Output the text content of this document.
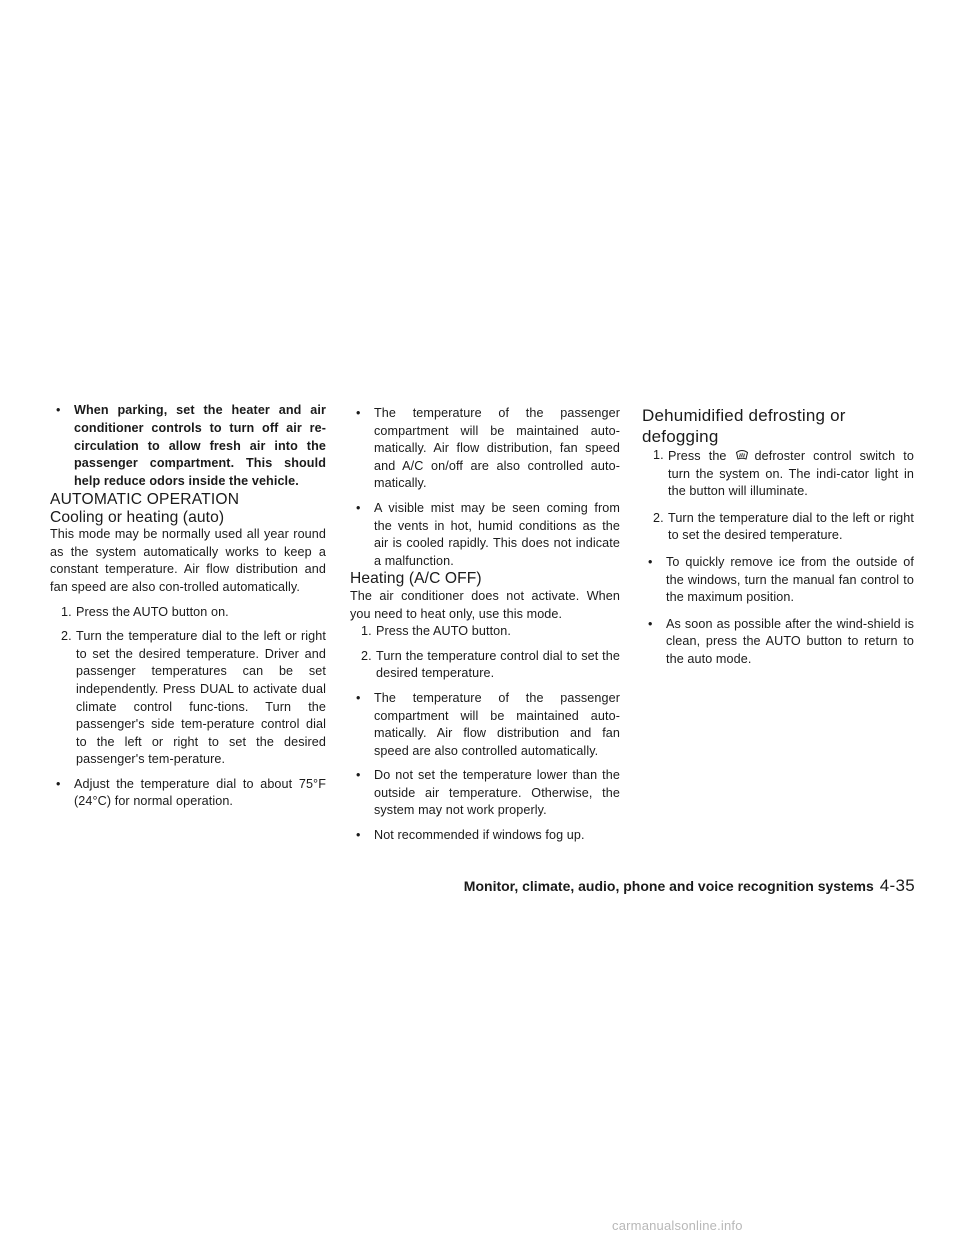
•	When parking, set the heater and air conditioner controls to turn off air re-circulation to allow fresh air into the passenger compartment. This should help reduce odors inside the vehicle.

AUTOMATIC OPERATION

Cooling or heating (auto)

This mode may be normally used all year round as the system automatically works to keep a constant temperature. Air flow distribution and fan speed are also con-trolled automatically.

1. Press the AUTO button on.
2. Turn the temperature dial to the left or right to set the desired temperature. Driver and passenger temperatures can be set independently. Press DUAL to activate dual climate control func-tions. Turn the passenger's side tem-perature control dial to the left or right to set the desired passenger's tem-perature.
•	Adjust the temperature dial to about 75°F (24°C) for normal operation.
•	The temperature of the passenger compartment will be maintained auto-matically. Air flow distribution, fan speed and A/C on/off are also controlled auto-matically.
•	A visible mist may be seen coming from the vents in hot, humid conditions as the air is cooled rapidly. This does not indicate a malfunction.

Heating (A/C OFF)

The air conditioner does not activate. When you need to heat only, use this mode.

1. Press the AUTO button.
2. Turn the temperature control dial to set the desired temperature.
•	The temperature of the passenger compartment will be maintained auto-matically. Air flow distribution and fan speed are also controlled automatically.
•	Do not set the temperature lower than the outside air temperature. Otherwise, the system may not work properly.
•	Not recommended if windows fog up.

Dehumidified defrosting or defogging

1. Press the defroster control switch to turn the system on. The indi-cator light in the button will illuminate.
2. Turn the temperature dial to the left or right to set the desired temperature.
•	To quickly remove ice from the outside of the windows, turn the manual fan control to the maximum position.
•	As soon as possible after the wind-shield is clean, press the AUTO button to return to the auto mode.
Monitor, climate, audio, phone and voice recognition systems 4-35
carmanualsonline.info
